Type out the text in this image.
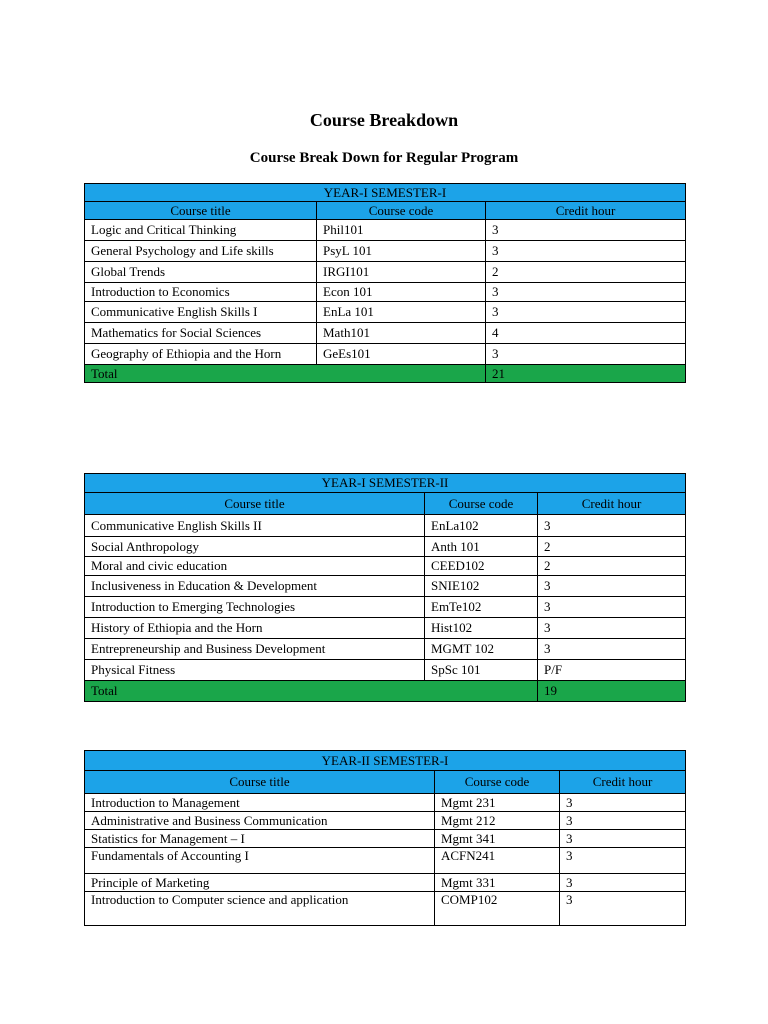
Course Breakdown
Course Break Down for Regular Program
YEAR-I SEMESTER-I		
Course title	Course code	Credit hour
Logic and Critical Thinking	Phil101	3
General Psychology and Life skills	PsyL 101	3
Global Trends	IRGI101	2
Introduction to Economics	Econ 101	3
Communicative English Skills I	EnLa 101	3
Mathematics for Social Sciences	Math101	4
Geography of Ethiopia and the Horn	GeEs101	3
Total		21
YEAR-I SEMESTER-II		
Course title	Course code	Credit hour
Communicative English Skills II	EnLa102	3
Social Anthropology	Anth 101	2
Moral and civic education	CEED102	2
Inclusiveness in Education & Development	SNIE102	3
Introduction to Emerging Technologies	EmTe102	3
History of Ethiopia and the Horn	Hist102	3
Entrepreneurship and Business Development	MGMT 102	3
Physical Fitness	SpSc 101	P/F
Total		19
YEAR-II SEMESTER-I		
Course title	Course code	Credit hour
Introduction to Management	Mgmt 231	3
Administrative and Business Communication	Mgmt 212	3
Statistics for Management – I	Mgmt 341	3
Fundamentals of Accounting I	ACFN241	3
Principle of Marketing	Mgmt 331	3
Introduction to Computer science and application	COMP102	3
